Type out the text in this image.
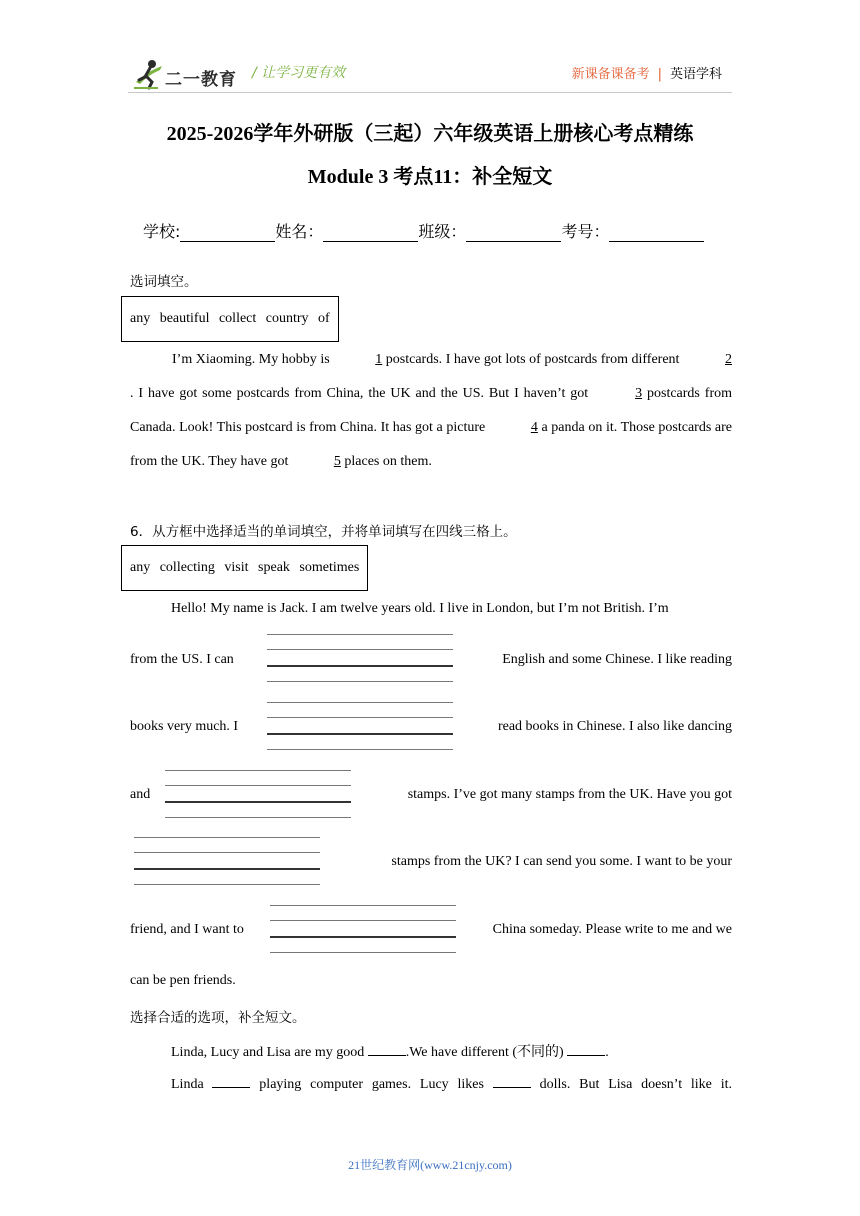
二一教育 / 让学习更有效	新课备课备考 | 英语学科
2025-2026学年外研版（三起）六年级英语上册核心考点精练
Module 3 考点11：补全短文
学校:	姓名：	班级：	考号：
选词填空。
any beautiful collect country of

I’m Xiaoming. My hobby is	1 postcards. I have got lots of postcards from different	2. I have got some postcards from China, the UK and the US. But I haven’t got	3 postcards from Canada. Look! This postcard is from China. It has got a picture	4 a panda on it. Those postcards are from the UK. They have got	5 places on them.

6．从方框中选择适当的单词填空，并将单词填写在四线三格上。
any collecting visit speak sometimes
Hello! My name is Jack. I am twelve years old. I live in London, but I’m not British. I’m
from the US. I can	English and some Chinese. I like reading
books very much. I	read books in Chinese. I also like dancing
and	stamps. I’ve got many stamps from the UK. Have you got
stamps from the UK? I can send you some. I want to be your
friend, and I want to	China someday. Please write to me and we
can be pen friends.
选择合适的选项，补全短文。
Linda, Lucy and Lisa are my good	.We have different (不同的)	.
Linda	playing computer games. Lucy likes	dolls. But Lisa doesn’t like it.
21世纪教育网(www.21cnjy.com)
